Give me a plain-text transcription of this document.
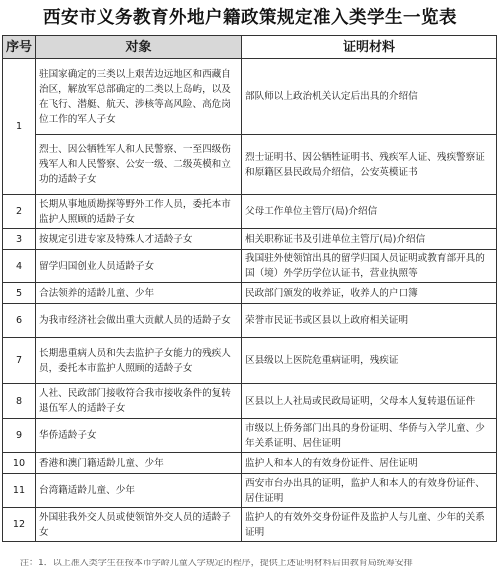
西安市义务教育外地户籍政策规定准入类学生一览表
序号	对象	证明材料
1	驻国家确定的三类以上艰苦边远地区和西藏自治区，解放军总部确定的二类以上岛屿，以及在飞行、潜艇、航天、涉核等高风险、高危岗位工作的军人子女	部队师以上政治机关认定后出具的介绍信
	烈士、因公牺牲军人和人民警察、一至四级伤残军人和人民警察、公安一级、二级英模和立功的适龄子女	烈士证明书、因公牺牲证明书、残疾军人证、残疾警察证和原籍区县民政局介绍信，公安英模证书
2	长期从事地质勘探等野外工作人员，委托本市监护人照顾的适龄子女	父母工作单位主管厅(局)介绍信
3	按规定引进专家及特殊人才适龄子女	相关职称证书及引进单位主管厅(局)介绍信
4	留学归国创业人员适龄子女	我国驻外使领馆出具的留学归国人员证明或教育部开具的国（境）外学历学位认证书，营业执照等
5	合法领养的适龄儿童、少年	民政部门颁发的收养证，收养人的户口簿
6	为我市经济社会做出重大贡献人员的适龄子女	荣誉市民证书或区县以上政府相关证明
7	长期患重病人员和失去监护子女能力的残疾人员，委托本市监护人照顾的适龄子女	区县级以上医院危重病证明，残疾证
8	人社、民政部门接收符合我市接收条件的复转退伍军人的适龄子女	区县以上人社局或民政局证明，父母本人复转退伍证件
9	华侨适龄子女	市级以上侨务部门出具的身份证明、华侨与入学儿童、少年关系证明、居住证明
10	香港和澳门籍适龄儿童、少年	监护人和本人的有效身份证件、居住证明
11	台湾籍适龄儿童、少年	西安市台办出具的证明，监护人和本人的有效身份证件、居住证明
12	外国驻我外交人员或使领馆外交人员的适龄子女	监护人的有效外交身份证件及监护人与儿童、少年的关系证明
注：1．以上准入类学生在按本市学龄儿童入学规定的程序，提供上述证明材料后由教育局统筹安排
